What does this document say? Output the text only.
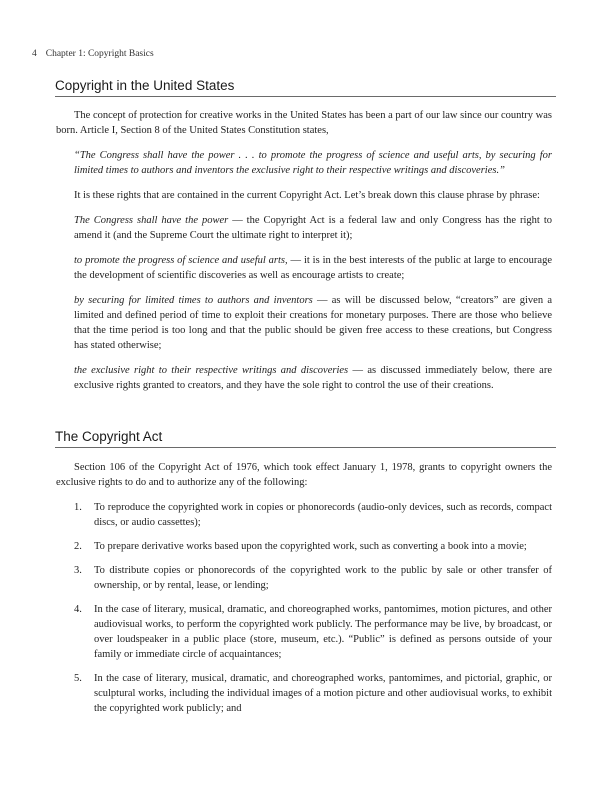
4 Chapter 1: Copyright Basics
Copyright in the United States

The concept of protection for creative works in the United States has been a part of our law since our country was born. Article I, Section 8 of the United States Constitution states,

“The Congress shall have the power . . . to promote the progress of science and useful arts, by securing for limited times to authors and inventors the exclusive right to their respective writings and discoveries.”

It is these rights that are contained in the current Copyright Act. Let’s break down this clause phrase by phrase:

The Congress shall have the power — the Copyright Act is a federal law and only Congress has the right to amend it (and the Supreme Court the ultimate right to interpret it);

to promote the progress of science and useful arts, — it is in the best interests of the public at large to encourage the development of scientific discoveries as well as encourage artists to create;

by securing for limited times to authors and inventors — as will be discussed below, “creators” are given a limited and defined period of time to exploit their creations for monetary purposes. There are those who believe that the time period is too long and that the public should be given free access to these creations, but Congress has stated otherwise;

the exclusive right to their respective writings and discoveries — as discussed immediately below, there are exclusive rights granted to creators, and they have the sole right to control the use of their creations.

The Copyright Act

Section 106 of the Copyright Act of 1976, which took effect January 1, 1978, grants to copyright owners the exclusive rights to do and to authorize any of the following:

1.	To reproduce the copyrighted work in copies or phonorecords (audio-only devices, such as records, compact discs, or audio cassettes);
2.	To prepare derivative works based upon the copyrighted work, such as converting a book into a movie;
3.	To distribute copies or phonorecords of the copyrighted work to the public by sale or other transfer of ownership, or by rental, lease, or lending;
4.	In the case of literary, musical, dramatic, and choreographed works, pantomimes, motion pictures, and other audiovisual works, to perform the copyrighted work publicly. The performance may be live, by broadcast, or over loudspeaker in a public place (store, museum, etc.). “Public” is defined as persons outside of your family or immediate circle of acquaintances;
5.	In the case of literary, musical, dramatic, and choreographed works, pantomimes, and pictorial, graphic, or sculptural works, including the individual images of a motion picture and other audiovisual works, to exhibit the copyrighted work publicly; and
